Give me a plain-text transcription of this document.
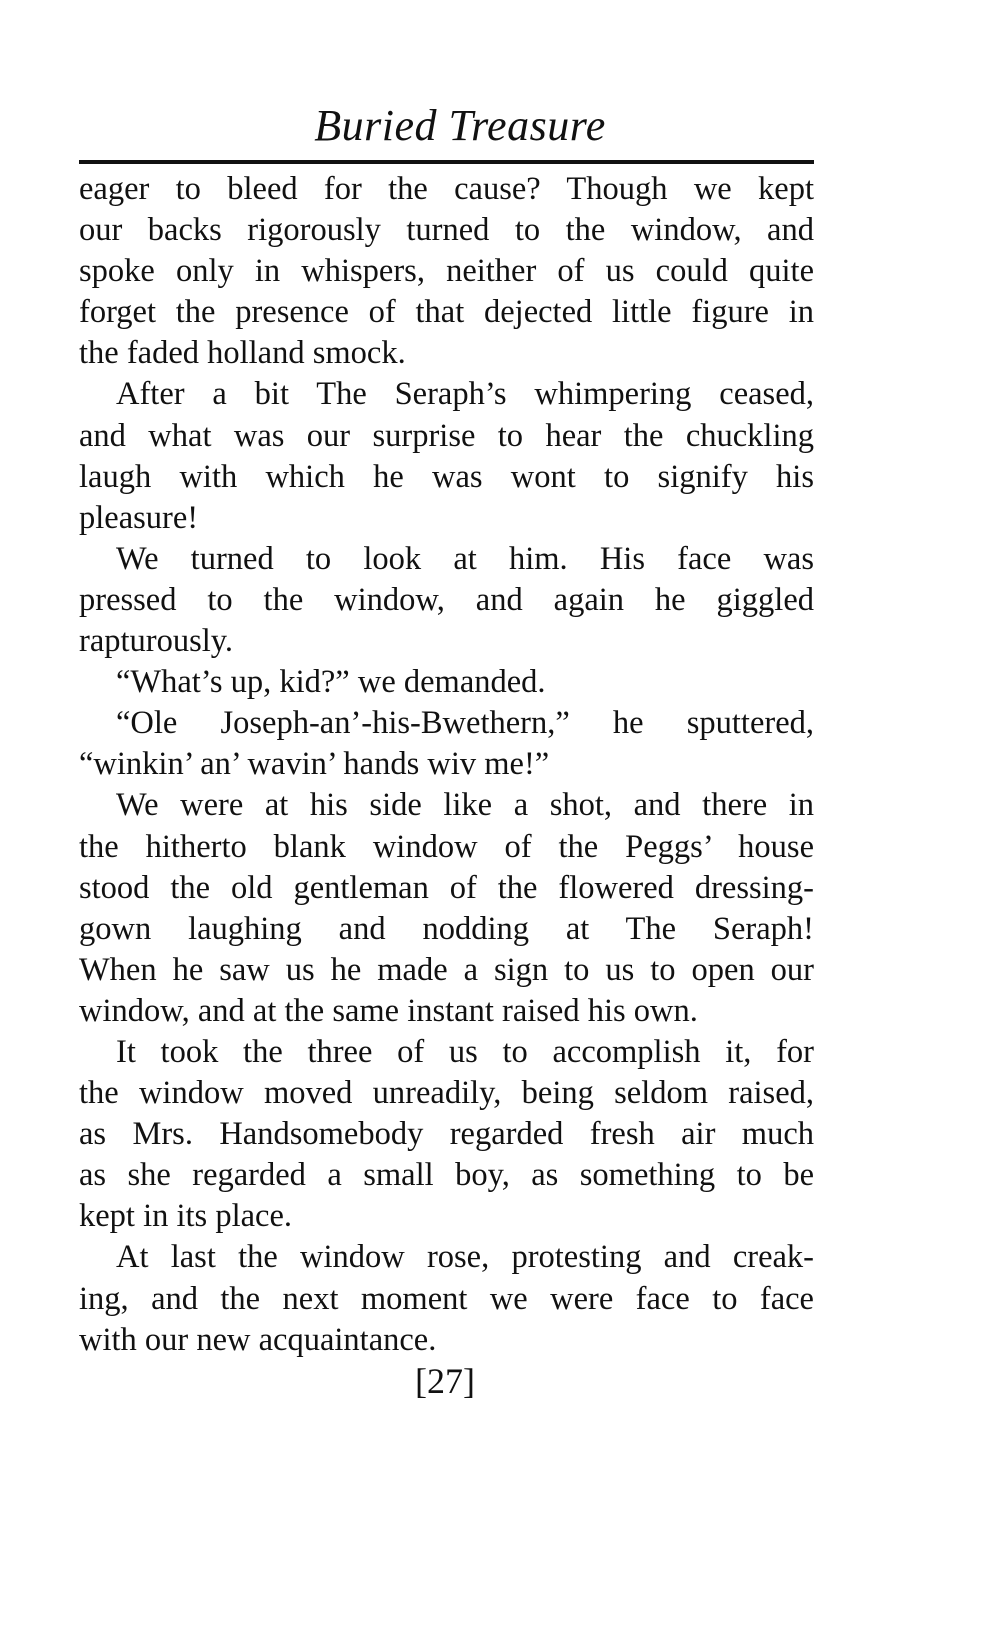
Buried Treasure
eager to bleed for the cause? Though we kept
our backs rigorously turned to the window, and
spoke only in whispers, neither of us could quite
forget the presence of that dejected little figure in
the faded holland smock.
After a bit The Seraph’s whimpering ceased,
and what was our surprise to hear the chuckling
laugh with which he was wont to signify his
pleasure!
We turned to look at him. His face was
pressed to the window, and again he giggled
rapturously.
“What’s up, kid?” we demanded.
“Ole Joseph-an’-his-Bwethern,” he sputtered,
“winkin’ an’ wavin’ hands wiv me!”
We were at his side like a shot, and there in
the hitherto blank window of the Peggs’ house
stood the old gentleman of the flowered dressing-
gown laughing and nodding at The Seraph!
When he saw us he made a sign to us to open our
window, and at the same instant raised his own.
It took the three of us to accomplish it, for
the window moved unreadily, being seldom raised,
as Mrs. Handsomebody regarded fresh air much
as she regarded a small boy, as something to be
kept in its place.
At last the window rose, protesting and creak-
ing, and the next moment we were face to face
with our new acquaintance.
[27]
